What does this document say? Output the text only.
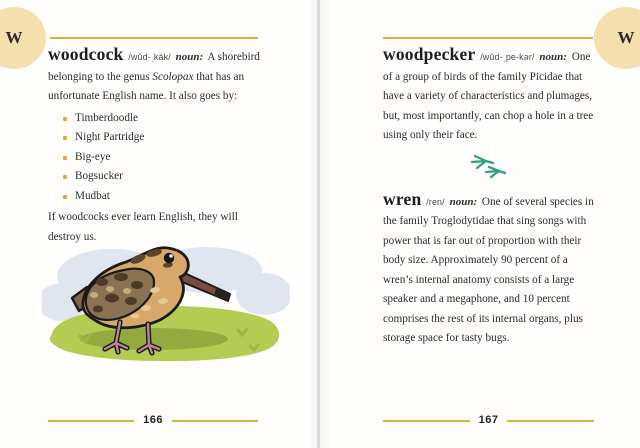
W

woodcock /wŭd-ˌkäk/ noun: A shorebird belonging to the genus Scolopax that has an unfortunate English name. It also goes by:

Timberdoodle
Night Partridge
Big-eye
Bogsucker
Mudbat

If woodcocks ever learn English, they will destroy us.

166
W

woodpecker /wŭd-ˌpe-kər/ noun: One of a group of birds of the family Picidae that have a variety of characteristics and plumages, but, most importantly, can chop a hole in a tree using only their face.

wren /ren/ noun: One of several species in the family Troglodytidae that sing songs with power that is far out of proportion with their body size. Approximately 90 percent of a wren’s internal anatomy consists of a large speaker and a megaphone, and 10 percent comprises the rest of its internal organs, plus storage space for tasty bugs.

167
